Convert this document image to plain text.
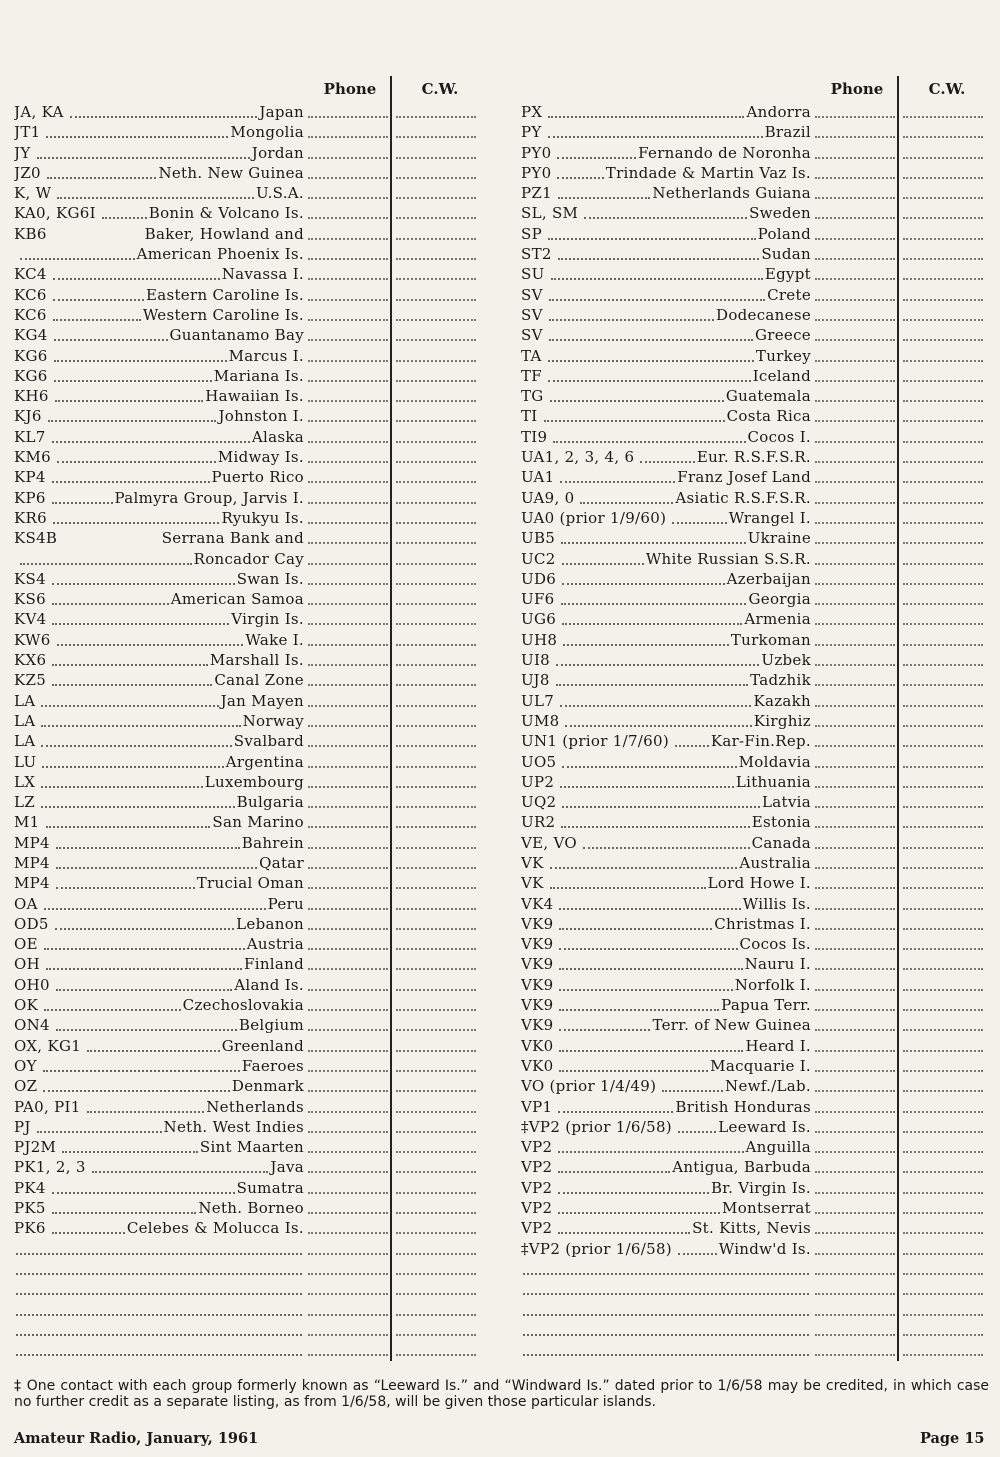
Phone	C.W.
JA, KA	Japan
JT1	Mongolia
JY	Jordan
JZ0	Neth. New Guinea
K, W	U.S.A.
KA0, KG6I	Bonin & Volcano Is.
KB6	Baker, Howland and
American Phoenix Is.
KC4	Navassa I.
KC6	Eastern Caroline Is.
KC6	Western Caroline Is.
KG4	Guantanamo Bay
KG6	Marcus I.
KG6	Mariana Is.
KH6	Hawaiian Is.
KJ6	Johnston I.
KL7	Alaska
KM6	Midway Is.
KP4	Puerto Rico
KP6	Palmyra Group, Jarvis I.
KR6	Ryukyu Is.
KS4B	Serrana Bank and
Roncador Cay
KS4	Swan Is.
KS6	American Samoa
KV4	Virgin Is.
KW6	Wake I.
KX6	Marshall Is.
KZ5	Canal Zone
LA	Jan Mayen
LA	Norway
LA	Svalbard
LU	Argentina
LX	Luxembourg
LZ	Bulgaria
M1	San Marino
MP4	Bahrein
MP4	Qatar
MP4	Trucial Oman
OA	Peru
OD5	Lebanon
OE	Austria
OH	Finland
OH0	Aland Is.
OK	Czechoslovakia
ON4	Belgium
OX, KG1	Greenland
OY	Faeroes
OZ	Denmark
PA0, PI1	Netherlands
PJ	Neth. West Indies
PJ2M	Sint Maarten
PK1, 2, 3	Java
PK4	Sumatra
PK5	Neth. Borneo
PK6	Celebes & Molucca Is.
Phone	C.W.
PX	Andorra
PY	Brazil
PY0	Fernando de Noronha
PY0	Trindade & Martin Vaz Is.
PZ1	Netherlands Guiana
SL, SM	Sweden
SP	Poland
ST2	Sudan
SU	Egypt
SV	Crete
SV	Dodecanese
SV	Greece
TA	Turkey
TF	Iceland
TG	Guatemala
TI	Costa Rica
TI9	Cocos I.
UA1, 2, 3, 4, 6	Eur. R.S.F.S.R.
UA1	Franz Josef Land
UA9, 0	Asiatic R.S.F.S.R.
UA0 (prior 1/9/60)	Wrangel I.
UB5	Ukraine
UC2	White Russian S.S.R.
UD6	Azerbaijan
UF6	Georgia
UG6	Armenia
UH8	Turkoman
UI8	Uzbek
UJ8	Tadzhik
UL7	Kazakh
UM8	Kirghiz
UN1 (prior 1/7/60)	Kar-Fin.Rep.
UO5	Moldavia
UP2	Lithuania
UQ2	Latvia
UR2	Estonia
VE, VO	Canada
VK	Australia
VK	Lord Howe I.
VK4	Willis Is.
VK9	Christmas I.
VK9	Cocos Is.
VK9	Nauru I.
VK9	Norfolk I.
VK9	Papua Terr.
VK9	Terr. of New Guinea
VK0	Heard I.
VK0	Macquarie I.
VO (prior 1/4/49)	Newf./Lab.
VP1	British Honduras
‡VP2 (prior 1/6/58)	Leeward Is.
VP2	Anguilla
VP2	Antigua, Barbuda
VP2	Br. Virgin Is.
VP2	Montserrat
VP2	St. Kitts, Nevis
‡VP2 (prior 1/6/58)	Windw'd Is.
‡ One contact with each group formerly known as “Leeward Is.” and “Windward Is.” dated prior to 1/6/58 may be credited, in which case no further credit as a separate listing, as from 1/6/58, will be given those particular islands.
Amateur Radio, January, 1961	Page 15
